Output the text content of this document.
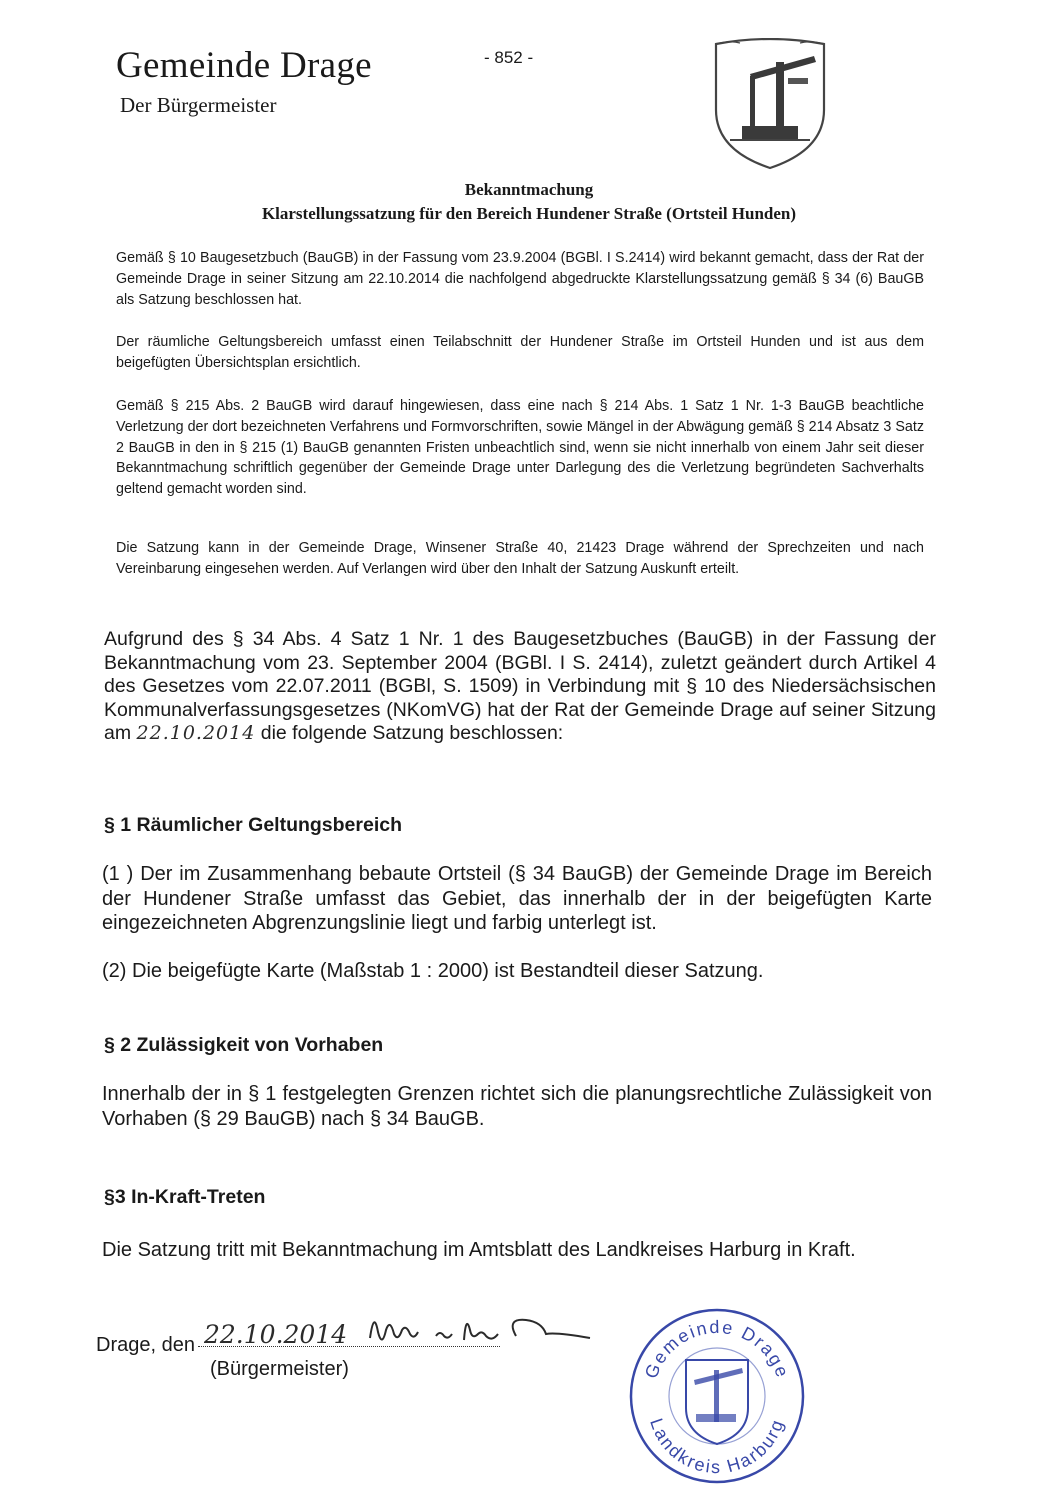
Gemeinde Drage
Der Bürgermeister
- 852 -
Bekanntmachung
Klarstellungssatzung für den Bereich Hundener Straße (Ortsteil Hunden)
Gemäß § 10 Baugesetzbuch (BauGB) in der Fassung vom 23.9.2004 (BGBl. I S.2414) wird bekannt gemacht, dass der Rat der Gemeinde Drage in seiner Sitzung am 22.10.2014 die nachfolgend abgedruckte Klarstellungssatzung gemäß § 34 (6) BauGB als Satzung beschlossen hat.
Der räumliche Geltungsbereich umfasst einen Teilabschnitt der Hundener Straße im Ortsteil Hunden und ist aus dem beigefügten Übersichtsplan ersichtlich.
Gemäß § 215 Abs. 2 BauGB wird darauf hingewiesen, dass eine nach § 214 Abs. 1 Satz 1 Nr. 1-3 BauGB beachtliche Verletzung der dort bezeichneten Verfahrens und Formvorschriften, sowie Mängel in der Abwägung gemäß § 214 Absatz 3 Satz 2 BauGB in den in § 215 (1) BauGB genannten Fristen unbeachtlich sind, wenn sie nicht innerhalb von einem Jahr seit dieser Bekanntmachung schriftlich gegenüber der Gemeinde Drage unter Darlegung des die Verletzung begründeten Sachverhalts geltend gemacht worden sind.
Die Satzung kann in der Gemeinde Drage, Winsener Straße 40, 21423 Drage während der Sprechzeiten und nach Vereinbarung eingesehen werden. Auf Verlangen wird über den Inhalt der Satzung Auskunft erteilt.
Aufgrund des § 34 Abs. 4 Satz 1 Nr. 1 des Baugesetzbuches (BauGB) in der Fassung der Bekanntmachung vom 23. September 2004 (BGBl. I S. 2414), zuletzt geändert durch Artikel 4 des Gesetzes vom 22.07.2011 (BGBl, S. 1509) in Verbindung mit § 10 des Niedersächsischen Kommunalverfassungsgesetzes (NKomVG) hat der Rat der Gemeinde Drage auf seiner Sitzung am 22.10.2014 die folgende Satzung beschlossen:
§ 1 Räumlicher Geltungsbereich
(1 ) Der im Zusammenhang bebaute Ortsteil (§ 34 BauGB) der Gemeinde Drage im Bereich der Hundener Straße umfasst das Gebiet, das innerhalb der in der beigefügten Karte eingezeichneten Abgrenzungslinie liegt und farbig unterlegt ist.
(2) Die beigefügte Karte (Maßstab 1 : 2000) ist Bestandteil dieser Satzung.
§ 2 Zulässigkeit von Vorhaben
Innerhalb der in § 1 festgelegten Grenzen richtet sich die planungsrechtliche Zulässigkeit von Vorhaben (§ 29 BauGB) nach § 34 BauGB.
§3 In-Kraft-Treten
Die Satzung tritt mit Bekanntmachung im Amtsblatt des Landkreises Harburg in Kraft.
Drage, den 22.10.2014
(Bürgermeister)	Gemeinde Drage
Landkreis Harburg
